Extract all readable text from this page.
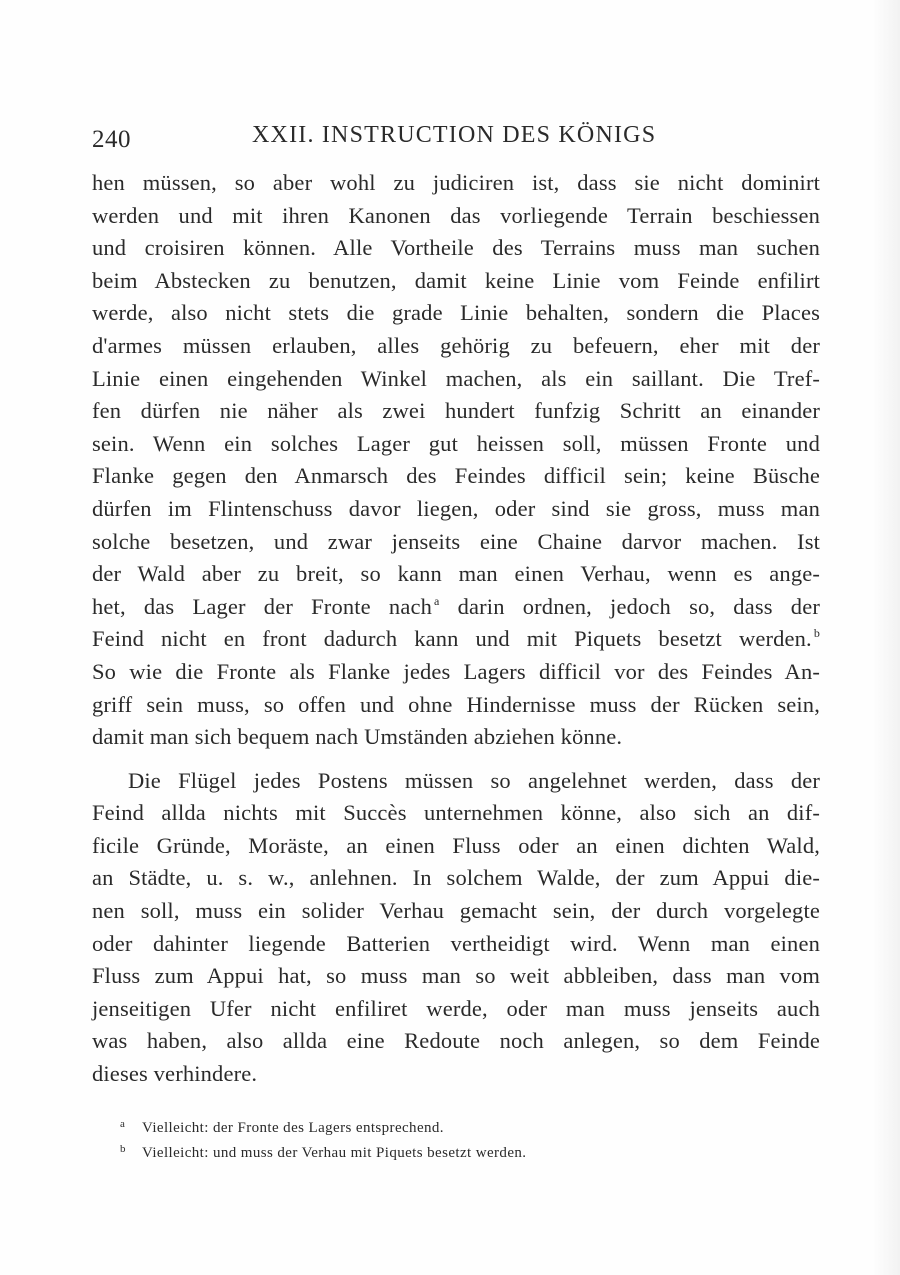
240	XXII. INSTRUCTION DES KÖNIGS
hen müssen, so aber wohl zu judiciren ist, dass sie nicht dominirt
werden und mit ihren Kanonen das vorliegende Terrain beschiessen
und croisiren können. Alle Vortheile des Terrains muss man suchen
beim Abstecken zu benutzen, damit keine Linie vom Feinde enfilirt
werde, also nicht stets die grade Linie behalten, sondern die Places
d'armes müssen erlauben, alles gehörig zu befeuern, eher mit der
Linie einen eingehenden Winkel machen, als ein saillant. Die Tref-
fen dürfen nie näher als zwei hundert funfzig Schritt an einander
sein. Wenn ein solches Lager gut heissen soll, müssen Fronte und
Flanke gegen den Anmarsch des Feindes difficil sein; keine Büsche
dürfen im Flintenschuss davor liegen, oder sind sie gross, muss man
solche besetzen, und zwar jenseits eine Chaine darvor machen. Ist
der Wald aber zu breit, so kann man einen Verhau, wenn es ange-
het, das Lager der Fronte nach $^a$ darin ordnen, jedoch so, dass der
Feind nicht en front dadurch kann und mit Piquets besetzt werden. $^b$
So wie die Fronte als Flanke jedes Lagers difficil vor des Feindes An-
griff sein muss, so offen und ohne Hindernisse muss der Rücken sein,
damit man sich bequem nach Umständen abziehen könne.
Die Flügel jedes Postens müssen so angelehnet werden, dass der
Feind allda nichts mit Succès unternehmen könne, also sich an dif-
ficile Gründe, Moräste, an einen Fluss oder an einen dichten Wald,
an Städte, u. s. w., anlehnen. In solchem Walde, der zum Appui die-
nen soll, muss ein solider Verhau gemacht sein, der durch vorgelegte
oder dahinter liegende Batterien vertheidigt wird. Wenn man einen
Fluss zum Appui hat, so muss man so weit abbleiben, dass man vom
jenseitigen Ufer nicht enfiliret werde, oder man muss jenseits auch
was haben, also allda eine Redoute noch anlegen, so dem Feinde
dieses verhindere.
a Vielleicht: der Fronte des Lagers entsprechend.
b Vielleicht: und muss der Verhau mit Piquets besetzt werden.
